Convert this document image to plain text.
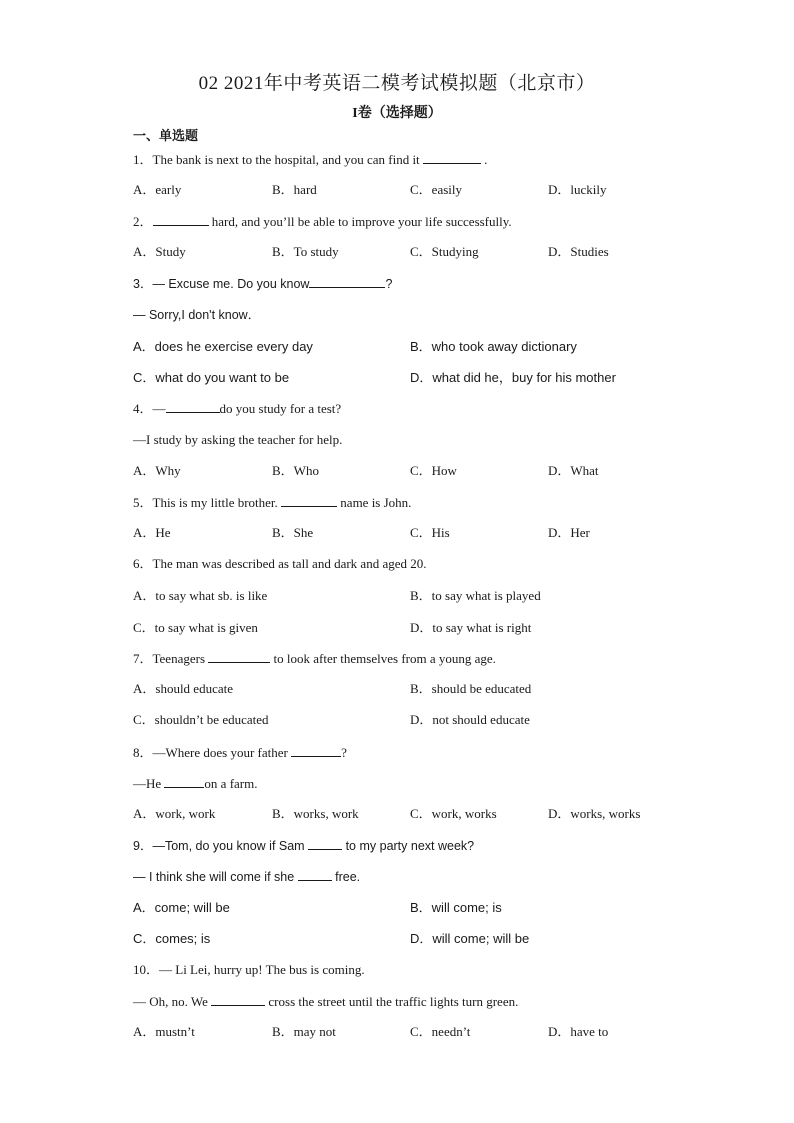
02 2021年中考英语二模考试模拟题（北京市）
I卷（选择题）
一、单选题
1．The bank is next to the hospital, and you can find it	.
A．early	B．hard	C．easily	D．luckily
2．	hard, and you’ll be able to improve your life successfully.
A．Study	B．To study	C．Studying	D．Studies
3．— Excuse me. Do you know	?
— Sorry,I don't know．
A．does he exercise every day	B．who took away dictionary
C．what do you want to be	D．what did he，buy for his mother
4．—	do you study for a test?
—I study by asking the teacher for help.
A．Why	B．Who	C．How	D．What
5．This is my little brother.	name is John.
A．He	B．She	C．His	D．Her
6．The man was described as tall and dark and aged 20.
A．to say what sb. is like	B．to say what is played
C．to say what is given	D．to say what is right
7．Teenagers	to look after themselves from a young age.
A．should educate	B．should be educated
C．shouldn’t be educated	D．not should educate
8．—Where does your father	?
—He	on a farm.
A．work, work	B．works, work	C．work, works	D．works, works
9．—Tom, do you know if Sam	to my party next week?
— I think she will come if she	free.
A．come; will be	B．will come; is
C．comes; is	D．will come; will be
10．— Li Lei, hurry up! The bus is coming.
— Oh, no. We	cross the street until the traffic lights turn green.
A．mustn’t	B．may not	C．needn’t	D．have to
